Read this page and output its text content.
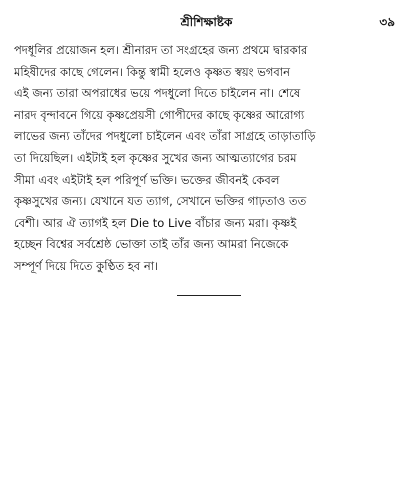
শ্রীশিক্ষাষ্টক	৩৯
পদধূলির প্রয়োজন হল। শ্রীনারদ তা সংগ্রহের জন্য প্রথমে দ্বারকার
মহিষীদের কাছে গেলেন। কিন্তু স্বামী হলেও কৃষ্ণত স্বয়ং ভগবান
এই জন্য তারা অপরাধের ভয়ে পদধুলো দিতে চাইলেন না। শেষে
নারদ বৃন্দাবনে গিয়ে কৃষ্ণপ্রেয়সী গোপীদের কাছে কৃষ্ণের আরোগ্য
লাভের জন্য তাঁদের পদধুলো চাইলেন এবং তাঁরা সাগ্রহে তাড়াতাড়ি
তা দিয়েছিল। এইটাই হল কৃষ্ণের সুখের জন্য আত্মত্যাগের চরম
সীমা এবং এইটাই হল পরিপূর্ণ ভক্তি। ভক্তের জীবনই কেবল
কৃষ্ণসুখের জন্য। যেখানে যত ত্যাগ, সেখানে ভক্তির গাঢ়তাও তত
বেশী। আর ঐ ত্যাগই হল Die to Live বাঁচার জন্য মরা। কৃষ্ণই
হচ্ছেন বিশ্বের সর্বশ্রেষ্ঠ ভোক্তা তাই তাঁর জন্য আমরা নিজেকে
সম্পূর্ণ দিয়ে দিতে কুণ্ঠিত হব না।
